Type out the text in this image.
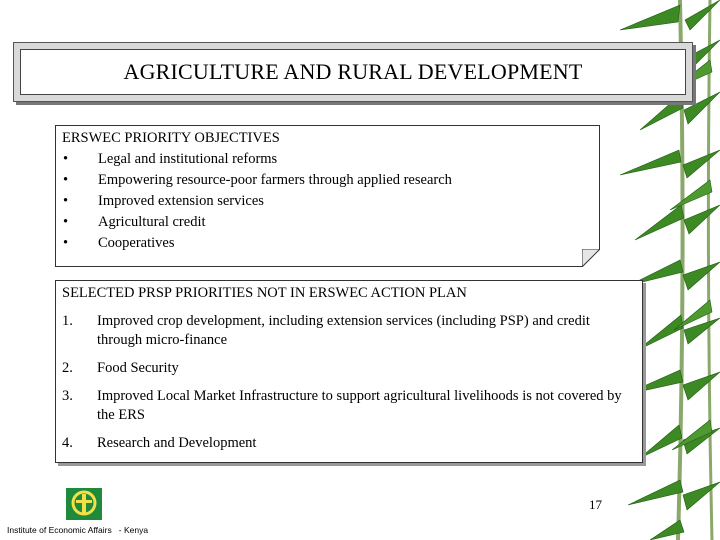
AGRICULTURE AND RURAL DEVELOPMENT
ERSWEC PRIORITY OBJECTIVES
•	Legal and institutional reforms
•	Empowering resource-poor farmers through applied research
•	Improved extension services
•	Agricultural credit
•	Cooperatives
SELECTED PRSP PRIORITIES NOT IN ERSWEC ACTION PLAN
1.	Improved crop development, including extension services (including PSP) and credit through micro-finance
2.	Food Security
3.	Improved Local Market Infrastructure to support agricultural livelihoods is not covered by the ERS
4.	Research and Development
17
Institute of Economic Affairs   - Kenya
